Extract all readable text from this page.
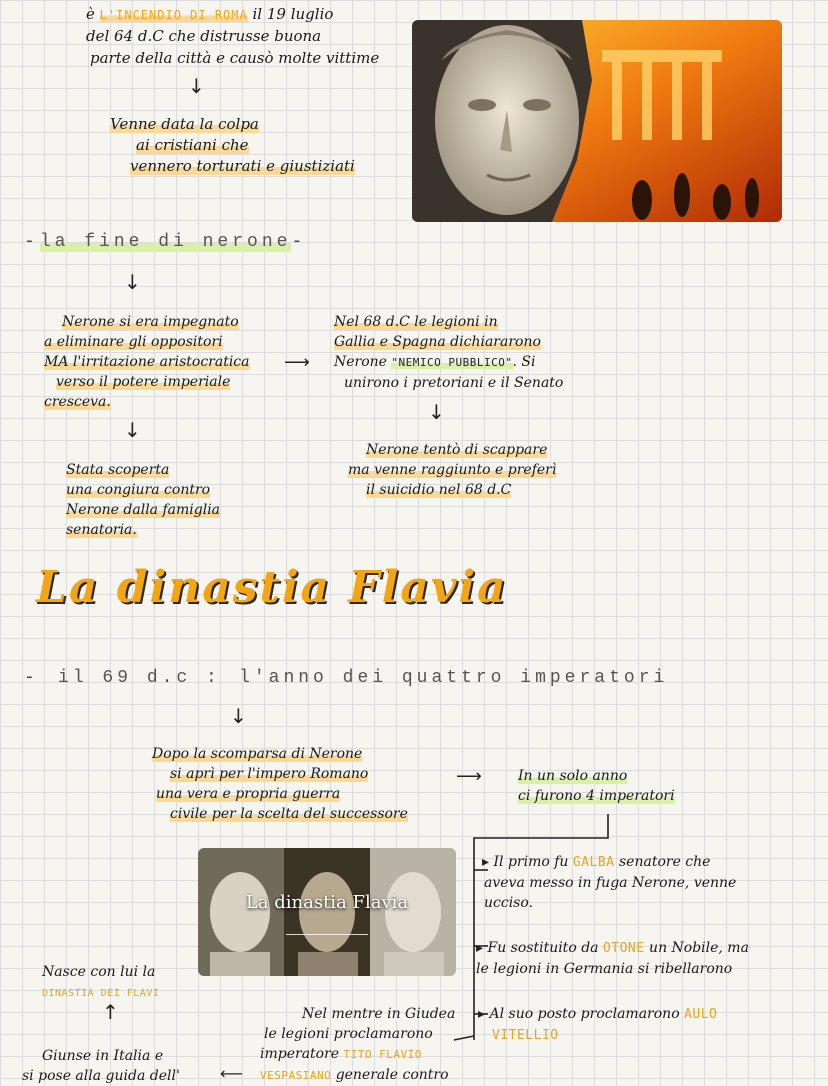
è L'INCENDIO DI ROMA il 19 luglio
del 64 d.C che distrusse buona
parte della città e causò molte vittime
↓
Venne data la colpa
ai cristiani che
vennero torturati e giustiziati
-la fine di nerone-
↓
Nerone si era impegnato
a eliminare gli oppositori
MA l'irritazione aristocratica
verso il potere imperiale
cresceva.
⟶
Nel 68 d.C le legioni in
Gallia e Spagna dichiararono
Nerone "NEMICO PUBBLICO". Si
unirono i pretoriani e il Senato
↓
↓
Stata scoperta
una congiura contro
Nerone dalla famiglia
senatoria.
Nerone tentò di scappare
ma venne raggiunto e preferì
il suicidio nel 68 d.C
La dinastia Flavia
- il 69 d.c : l'anno dei quattro imperatori
↓
Dopo la scomparsa di Nerone
si aprì per l'impero Romano
una vera e propria guerra
civile per la scelta del successore
⟶	In un solo anno
ci furono 4 imperatori
La dinastia Flavia
▸ Il primo fu GALBA senatore che
aveva messo in fuga Nerone, venne
ucciso.
▸ Fu sostituito da OTONE un Nobile, ma
le legioni in Germania si ribellarono
▸ Al suo posto proclamarono AULO
VITELLIO
Nel mentre in Giudea
le legioni proclamarono
imperatore TITO FLAVIO
VESPASIANO generale contro
Nasce con lui la
DINASTIA DEI FLAVI
↑
Giunse in Italia e
si pose alla guida dell'	⟵
